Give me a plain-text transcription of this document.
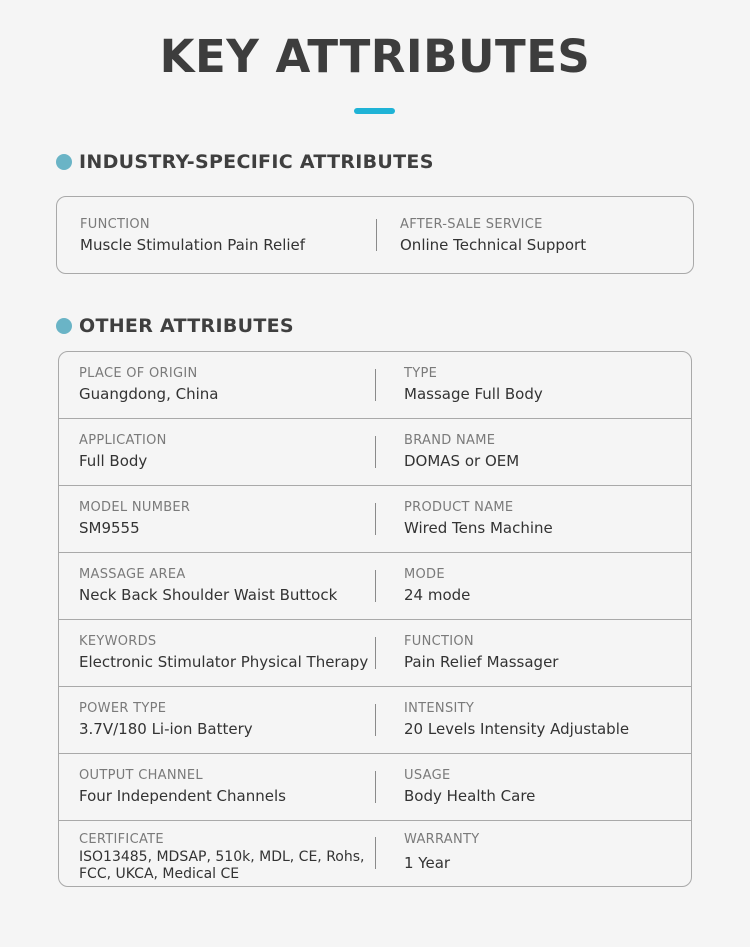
KEY ATTRIBUTES
INDUSTRY-SPECIFIC ATTRIBUTES
FUNCTION
Muscle Stimulation Pain Relief
AFTER-SALE SERVICE
Online Technical Support
OTHER ATTRIBUTES
PLACE OF ORIGIN
Guangdong, China
TYPE
Massage Full Body
APPLICATION
Full Body
BRAND NAME
DOMAS or OEM
MODEL NUMBER
SM9555
PRODUCT NAME
Wired Tens Machine
MASSAGE AREA
Neck Back Shoulder Waist Buttock
MODE
24 mode
KEYWORDS
Electronic Stimulator Physical Therapy
FUNCTION
Pain Relief Massager
POWER TYPE
3.7V/180 Li-ion Battery
INTENSITY
20 Levels Intensity Adjustable
OUTPUT CHANNEL
Four Independent Channels
USAGE
Body Health Care
CERTIFICATE
ISO13485, MDSAP, 510k, MDL, CE, Rohs,
FCC, UKCA, Medical CE
WARRANTY
1 Year
